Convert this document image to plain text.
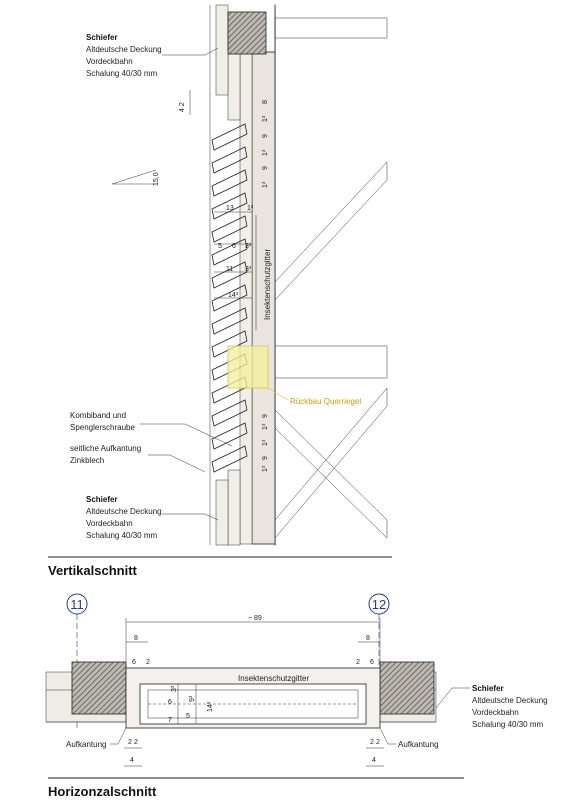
Rückbau Querriegel
Insektenschutzgitter
8
1³
9
1³
9
1³
9
1³
1³
9
1³
13 1³
5 6 3³
11 3³
14³
4 2
15,0
Schiefer
Altdeutsche Deckung
Vordeckbahn
Schalung 40/30 mm
Kombiband und
Spenglerschraube
seitliche Aufkantung
Zinkblech
Schiefer
Altdeutsche Deckung
Vordeckbahn
Schalung 40/30 mm
Vertikalschnitt
11	12
Insektenschutzgitter
~ 89
8	8
6 2	2 6
3³
9³
14³
7
5
6
2 2
4
2 2
4
Aufkantung	Aufkantung
Schiefer
Altdeutsche Deckung
Vordeckbahn
Schalung 40/30 mm
Horizonzalschnitt
